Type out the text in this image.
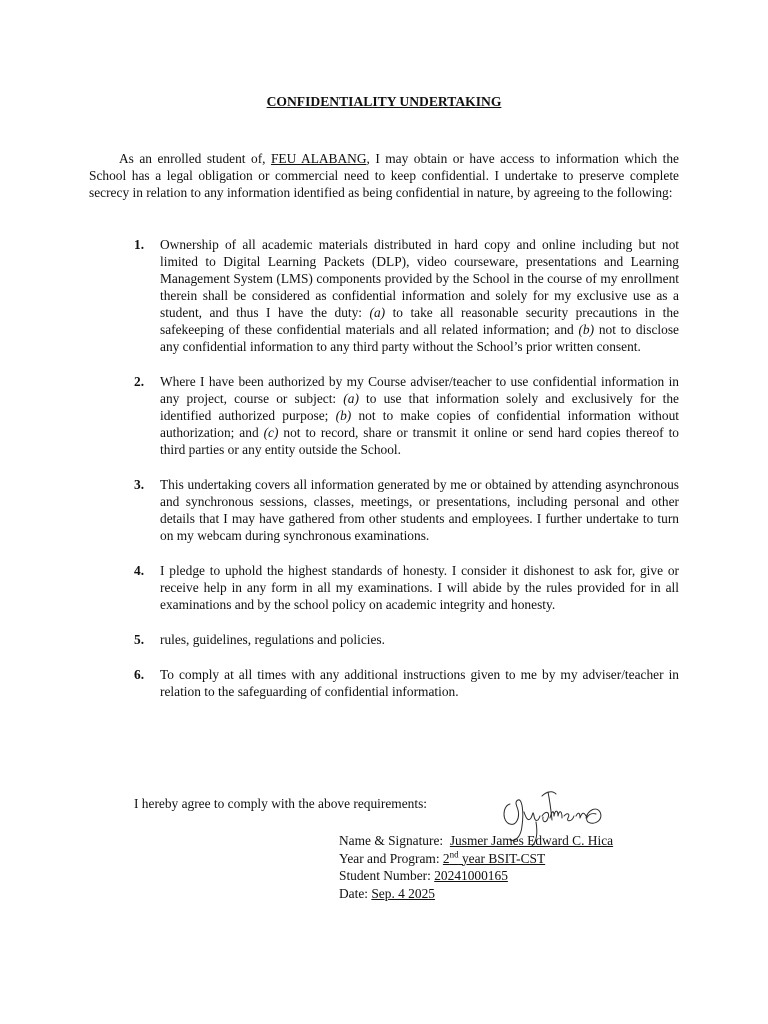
CONFIDENTIALITY UNDERTAKING

As an enrolled student of, FEU ALABANG, I may obtain or have access to information which the School has a legal obligation or commercial need to keep confidential. I undertake to preserve complete secrecy in relation to any information identified as being confidential in nature, by agreeing to the following:

1. Ownership of all academic materials distributed in hard copy and online including but not limited to Digital Learning Packets (DLP), video courseware, presentations and Learning Management System (LMS) components provided by the School in the course of my enrollment therein shall be considered as confidential information and solely for my exclusive use as a student, and thus I have the duty: (a) to take all reasonable security precautions in the safekeeping of these confidential materials and all related information; and (b) not to disclose any confidential information to any third party without the School’s prior written consent.
2. Where I have been authorized by my Course adviser/teacher to use confidential information in any project, course or subject: (a) to use that information solely and exclusively for the identified authorized purpose; (b) not to make copies of confidential information without authorization; and (c) not to record, share or transmit it online or send hard copies thereof to third parties or any entity outside the School.
3. This undertaking covers all information generated by me or obtained by attending asynchronous and synchronous sessions, classes, meetings, or presentations, including personal and other details that I may have gathered from other students and employees. I further undertake to turn on my webcam during synchronous examinations.
4. I pledge to uphold the highest standards of honesty. I consider it dishonest to ask for, give or receive help in any form in all my examinations. I will abide by the rules provided for in all examinations and by the school policy on academic integrity and honesty.
5. rules, guidelines, regulations and policies.
6. To comply at all times with any additional instructions given to me by my adviser/teacher in relation to the safeguarding of confidential information.
I hereby agree to comply with the above requirements:
Name & Signature: Jusmer James Edward C. Hica
Year and Program: 2nd year BSIT-CST
Student Number: 20241000165
Date: Sep. 4 2025
